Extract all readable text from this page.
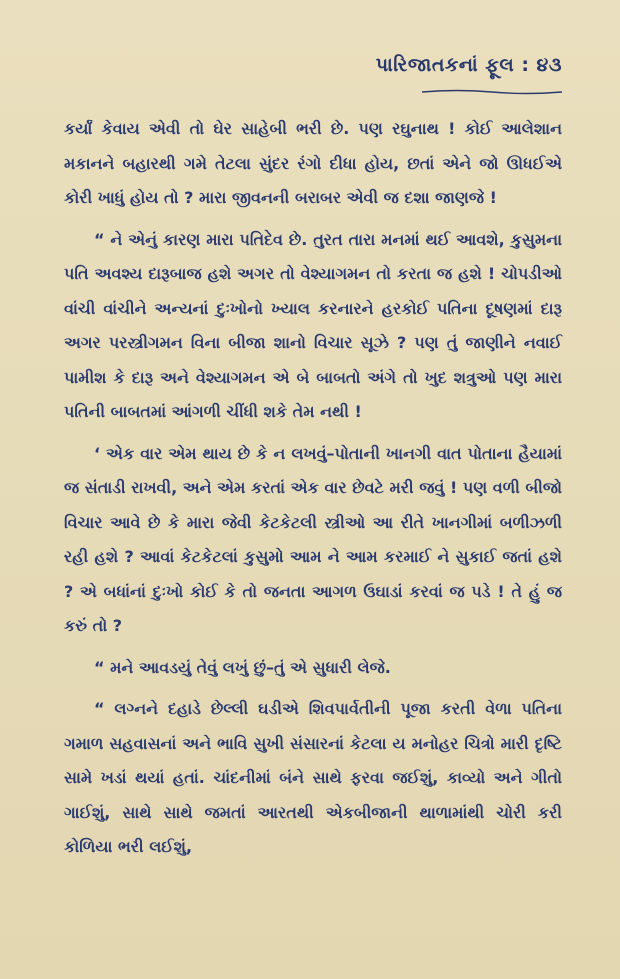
પારિજાતકનાં ફૂલ : ૪૩

કર્યાં કેવાય એવી તો ઘેર સાહેબી ભરી છે. પણ રઘુનાથ ! કોઈ આલેશાન મકાનને બહારથી ગમે તેટલા સુંદર રંગો દીધા હોય, છતાં એને જો ઊધઈએ કોરી ખાધું હોય તો ? મારા જીવનની બરાબર એવી જ દશા જાણજે !

“ ને એનું કારણ મારા પતિદેવ છે. તુરત તારા મનમાં થઈ આવશે, કુસુમના પતિ અવશ્ય દારૂબાજ હશે અગર તો વેશ્યાગમન તો કરતા જ હશે ! ચોપડીઓ વાંચી વાંચીને અન્યનાં દુઃખોનો ખ્યાલ કરનારને હરકોઈ પતિના દૂષણમાં દારૂ અગર પરસ્ત્રીગમન વિના બીજા શાનો વિચાર સૂઝે ? પણ તું જાણીને નવાઈ પામીશ કે દારૂ અને વેશ્યાગમન એ બે બાબતો અંગે તો ખુદ શત્રુઓ પણ મારા પતિની બાબતમાં આંગળી ચીંધી શકે તેમ નથી !

‘ એક વાર એમ થાય છે કે ન લખવું–પોતાની ખાનગી વાત પોતાના હૈયામાં જ સંતાડી રાખવી, અને એમ કરતાં એક વાર છેવટે મરી જવું ! પણ વળી બીજો વિચાર આવે છે કે મારા જેવી કેટકેટલી સ્ત્રીઓ આ રીતે ખાનગીમાં બળીઝળી રહી હશે ? આવાં કેટકેટલાં કુસુમો આમ ને આમ કરમાઈ ને સુકાઈ જતાં હશે ? એ બધાંનાં દુઃખો કોઈ કે તો જનતા આગળ ઉઘાડાં કરવાં જ પડે ! તે હું જ કરું તો ?

“ મને આવડયું તેવું લખું છું–તું એ સુધારી લેજે.

“ લગ્નને દહાડે છેલ્લી ઘડીએ શિવપાર્વતીની પૂજા કરતી વેળા પતિના ગમાળ સહવાસનાં અને ભાવિ સુખી સંસારનાં કેટલા ય મનોહર ચિત્રો મારી દૃષ્ટિ સામે ખડાં થયાં હતાં. ચાંદનીમાં બંને સાથે ફરવા જઈશું, કાવ્યો અને ગીતો ગાઈશું, સાથે સાથે જમતાં આરતથી એકબીજાની થાળામાંથી ચોરી કરી કોળિયા ભરી લઈશું,
